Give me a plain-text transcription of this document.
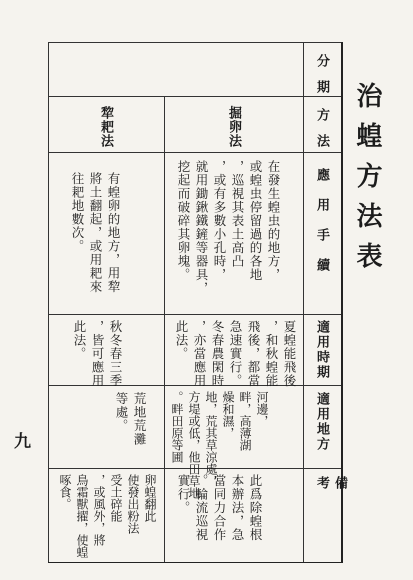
治蝗方法表
九
分期
方法
應用手續
適用時期
適用地方
備考
掘卵法
在發生蝗虫的地方，
或蝗虫停留過的各地
，巡視其表土高凸
，或有多數小孔時，
就用鋤鍬鐵鏟等器具，
挖起而破碎其卵塊。
夏蝗能飛後
，和秋蝗能
飛後，都當
急速實行。
冬春農閑時
，亦當應用
此法。
河邊，
畔，高薄湖
燥和濕，
地，荒其草涼處，
方堤或低，他田草地
。畔田原等圃
此爲除蝗根
本辦法，急
當同力合作
。輪流巡視
實行。
犂耙法
有蝗卵的地方，用犂
將土翻起，或用耙來
往耙地數次。
秋冬春三季
，皆可應用
此法。
荒地荒灘
等處。
卵蝗翻此
使發出粉法
受土碎能
，或風外，將
鳥霜獸擢，使蝗
啄食。
